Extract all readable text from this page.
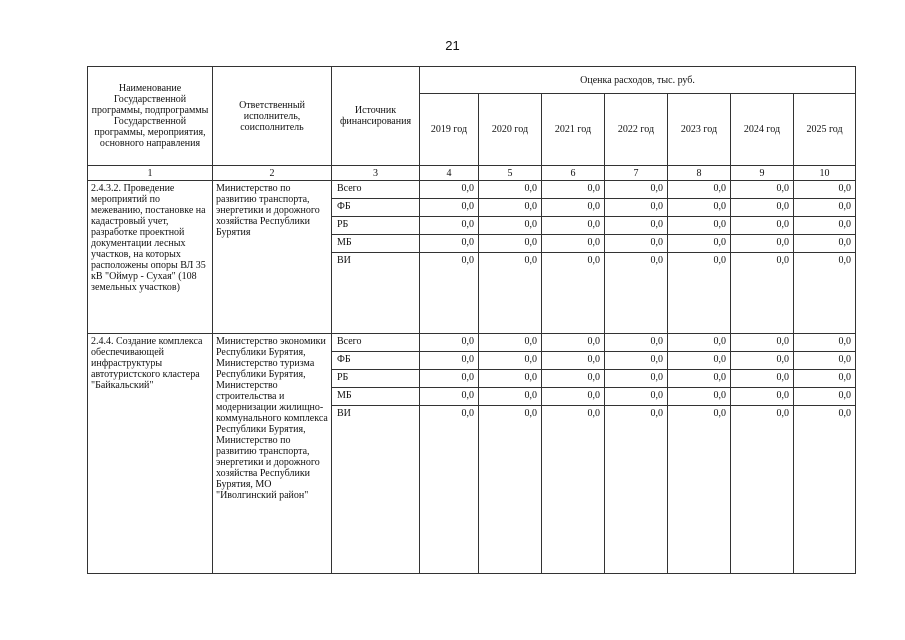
21
Наименование Государственной программы, подпрограммы Государственной программы, мероприятия, основного направления	Ответственный исполнитель, соисполнитель	Источник финансирования	Оценка расходов, тыс. руб.						
			2019 год	2020 год	2021 год	2022 год	2023 год	2024 год	2025 год
1	2	3	4	5	6	7	8	9	10
2.4.3.2. Проведение мероприятий по межеванию, постановке на кадастровый учет, разработке проектной документации лесных участков, на которых расположены опоры ВЛ 35 кВ "Оймур - Сухая" (108 земельных участков)	Министерство по развитию транспорта, энергетики и дорожного хозяйства Республики Бурятия	Всего	0,0	0,0	0,0	0,0	0,0	0,0	0,0
		ФБ	0,0	0,0	0,0	0,0	0,0	0,0	0,0
		РБ	0,0	0,0	0,0	0,0	0,0	0,0	0,0
		МБ	0,0	0,0	0,0	0,0	0,0	0,0	0,0
		ВИ	0,0	0,0	0,0	0,0	0,0	0,0	0,0
2.4.4. Создание комплекса обеспечивающей инфраструктуры автотуристского кластера "Байкальский"	Министерство экономики Республики Бурятия, Министерство туризма Республики Бурятия, Министерство строительства и модернизации жилищно-коммунального комплекса Республики Бурятия, Министерство по развитию транспорта, энергетики и дорожного хозяйства Республики Бурятия, МО "Иволгинский район"	Всего	0,0	0,0	0,0	0,0	0,0	0,0	0,0
		ФБ	0,0	0,0	0,0	0,0	0,0	0,0	0,0
		РБ	0,0	0,0	0,0	0,0	0,0	0,0	0,0
		МБ	0,0	0,0	0,0	0,0	0,0	0,0	0,0
		ВИ	0,0	0,0	0,0	0,0	0,0	0,0	0,0
